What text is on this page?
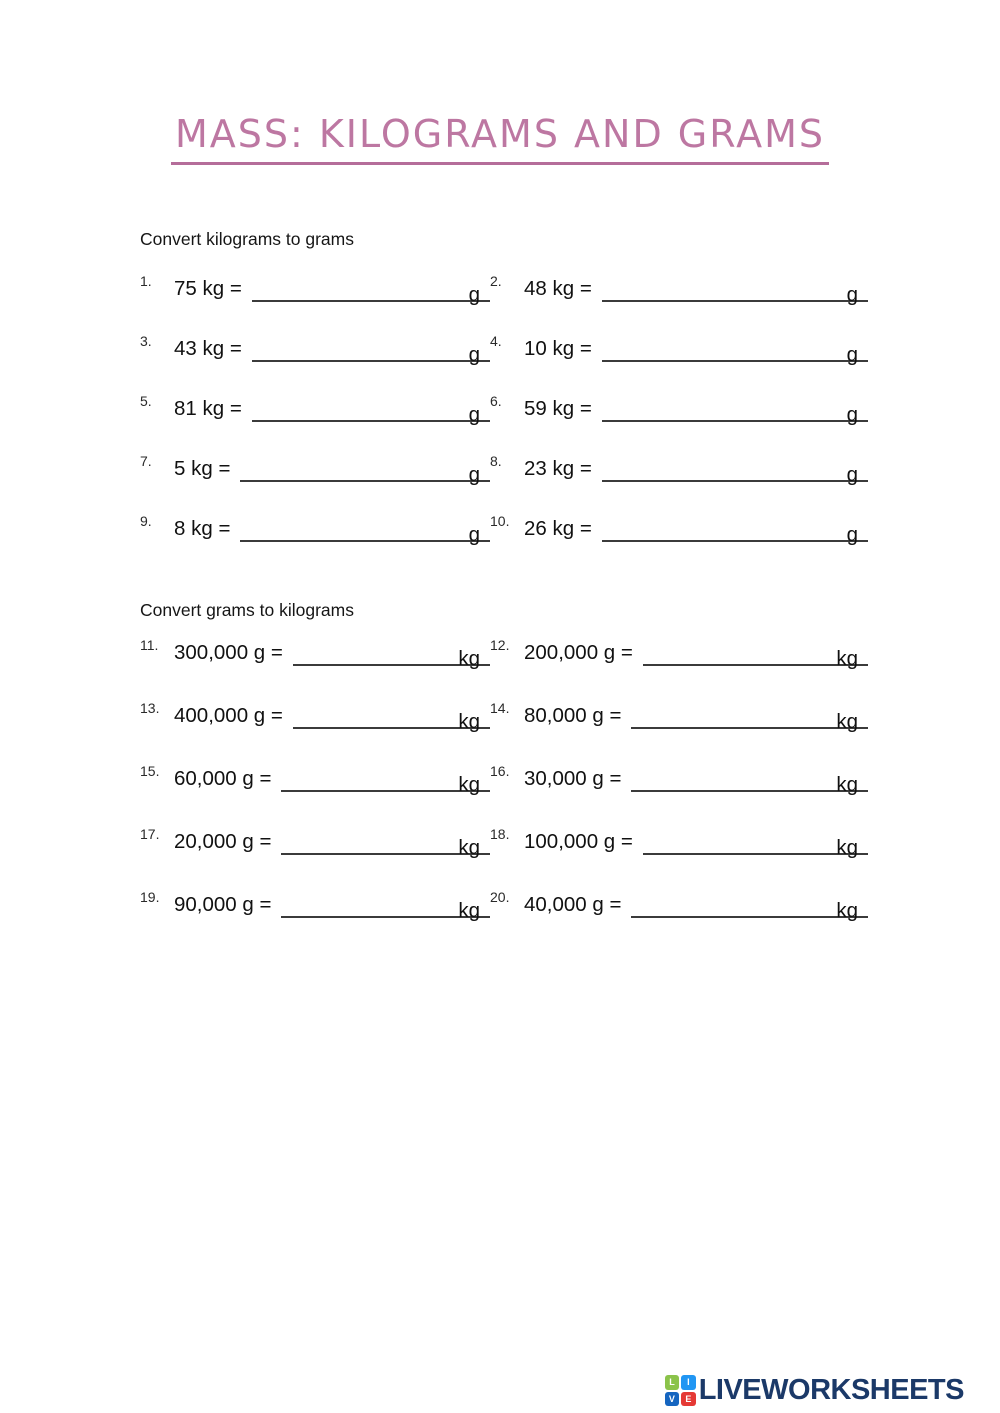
MASS: KILOGRAMS AND GRAMS

Convert kilograms to grams

1.	75 kg =	g
2.	48 kg =	g
3.	43 kg =	g
4.	10 kg =	g
5.	81 kg =	g
6.	59 kg =	g
7.	5 kg =	g
8.	23 kg =	g
9.	8 kg =	g
10. 26 kg =	g

Convert grams to kilograms

11. 300,000 g =	kg
12. 200,000 g =	kg
13. 400,000 g =	kg
14. 80,000 g =	kg
15. 60,000 g =	kg
16. 30,000 g =	kg
17. 20,000 g =	kg
18. 100,000 g =	kg
19. 90,000 g =	kg
20. 40,000 g =	kg
L	I
V	E LIVEWORKSHEETS
